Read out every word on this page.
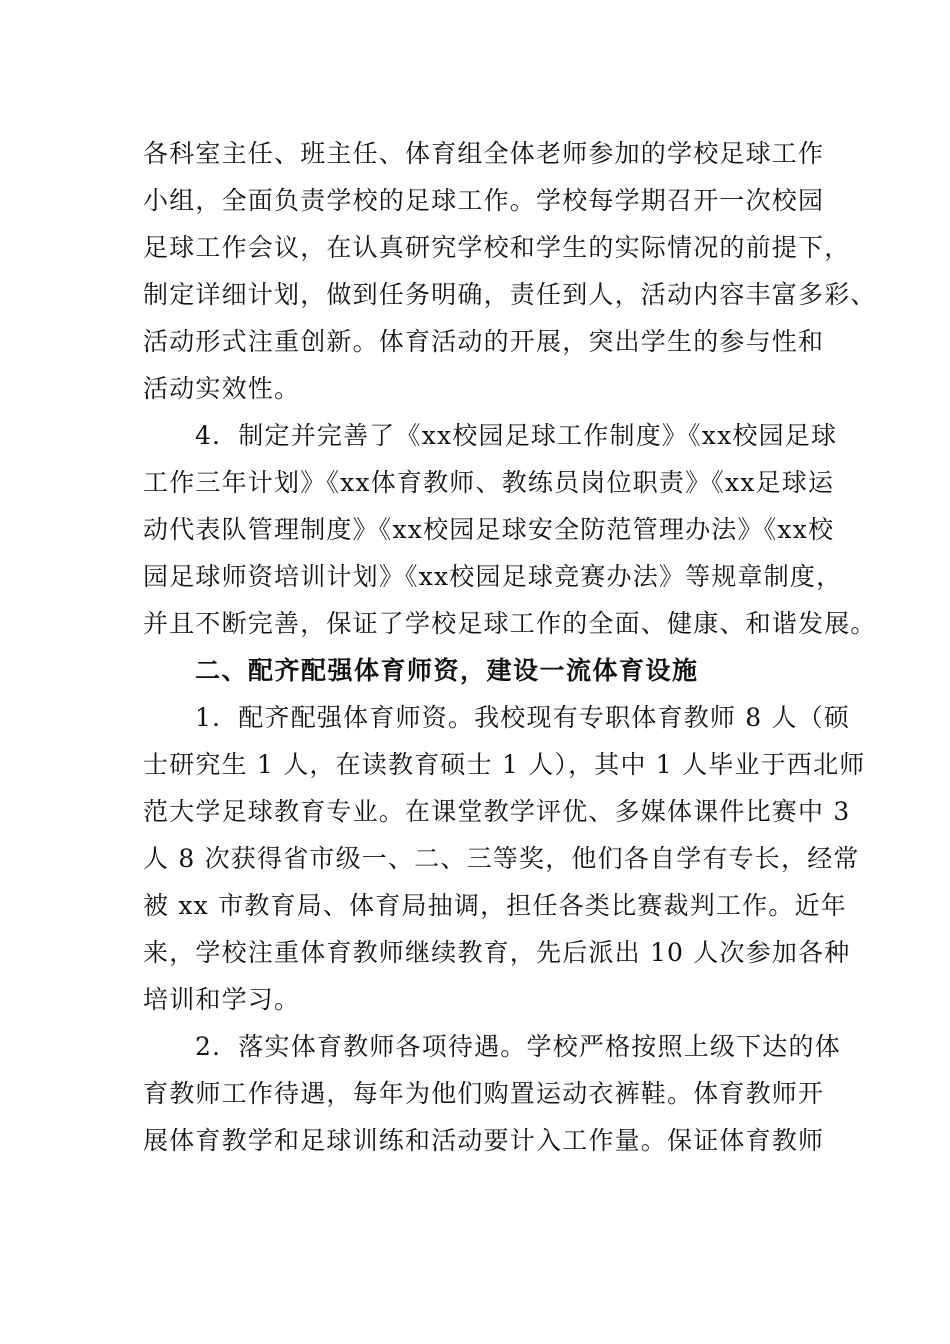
各科室主任、班主任、体育组全体老师参加的学校足球工作
小组，全面负责学校的足球工作。学校每学期召开一次校园
足球工作会议，在认真研究学校和学生的实际情况的前提下，
制定详细计划，做到任务明确，责任到人，活动内容丰富多彩、
活动形式注重创新。体育活动的开展，突出学生的参与性和
活动实效性。
4．制定并完善了《xx校园足球工作制度》《xx校园足球
工作三年计划》《xx体育教师、教练员岗位职责》《xx足球运
动代表队管理制度》《xx校园足球安全防范管理办法》《xx校
园足球师资培训计划》《xx校园足球竞赛办法》等规章制度，
并且不断完善，保证了学校足球工作的全面、健康、和谐发展。
二、配齐配强体育师资，建设一流体育设施
1．配齐配强体育师资。我校现有专职体育教师 8 人（硕
士研究生 1 人，在读教育硕士 1 人），其中 1 人毕业于西北师
范大学足球教育专业。在课堂教学评优、多媒体课件比赛中 3
人 8 次获得省市级一、二、三等奖，他们各自学有专长，经常
被 xx 市教育局、体育局抽调，担任各类比赛裁判工作。近年
来，学校注重体育教师继续教育，先后派出 10 人次参加各种
培训和学习。
2．落实体育教师各项待遇。学校严格按照上级下达的体
育教师工作待遇，每年为他们购置运动衣裤鞋。体育教师开
展体育教学和足球训练和活动要计入工作量。保证体育教师
